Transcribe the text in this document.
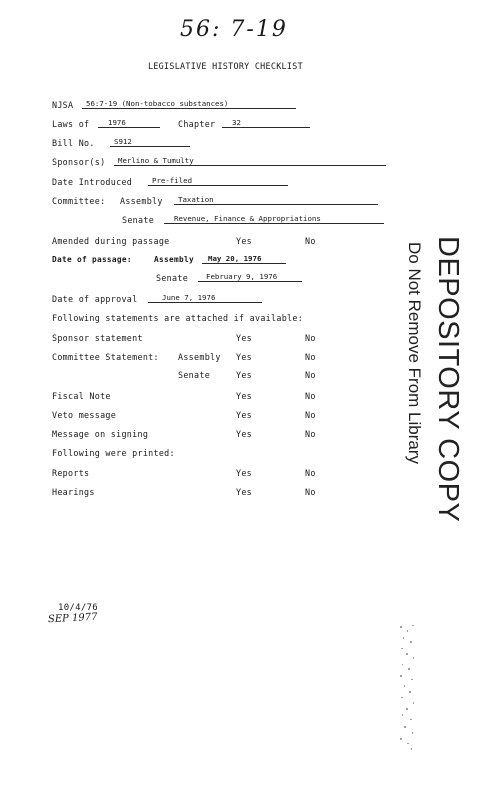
56: 7-19
LEGISLATIVE HISTORY CHECKLIST
NJSA	56:7-19 (Non-tobacco substances)
Laws of	1976	Chapter	32
Bill No.	S912
Sponsor(s)	Merlino & Tumulty
Date Introduced	Pre-filed
Committee: Assembly	Taxation
Senate	Revenue, Finance & Appropriations
Amended during passage	Yes	No
Date of passage:	Assembly	May 20, 1976
Senate	February 9, 1976
Date of approval	June 7, 1976
Following statements are attached if available:
Sponsor statement	Yes	No
Committee Statement: Assembly Yes	No
Senate	Yes	No
Fiscal Note	Yes	No
Veto message	Yes	No
Message on signing	Yes	No
Following were printed:
Reports	Yes	No
Hearings	Yes	No	DEPOSITORY COPY
Do Not Remove From Library
10/4/76
SEP 1977
